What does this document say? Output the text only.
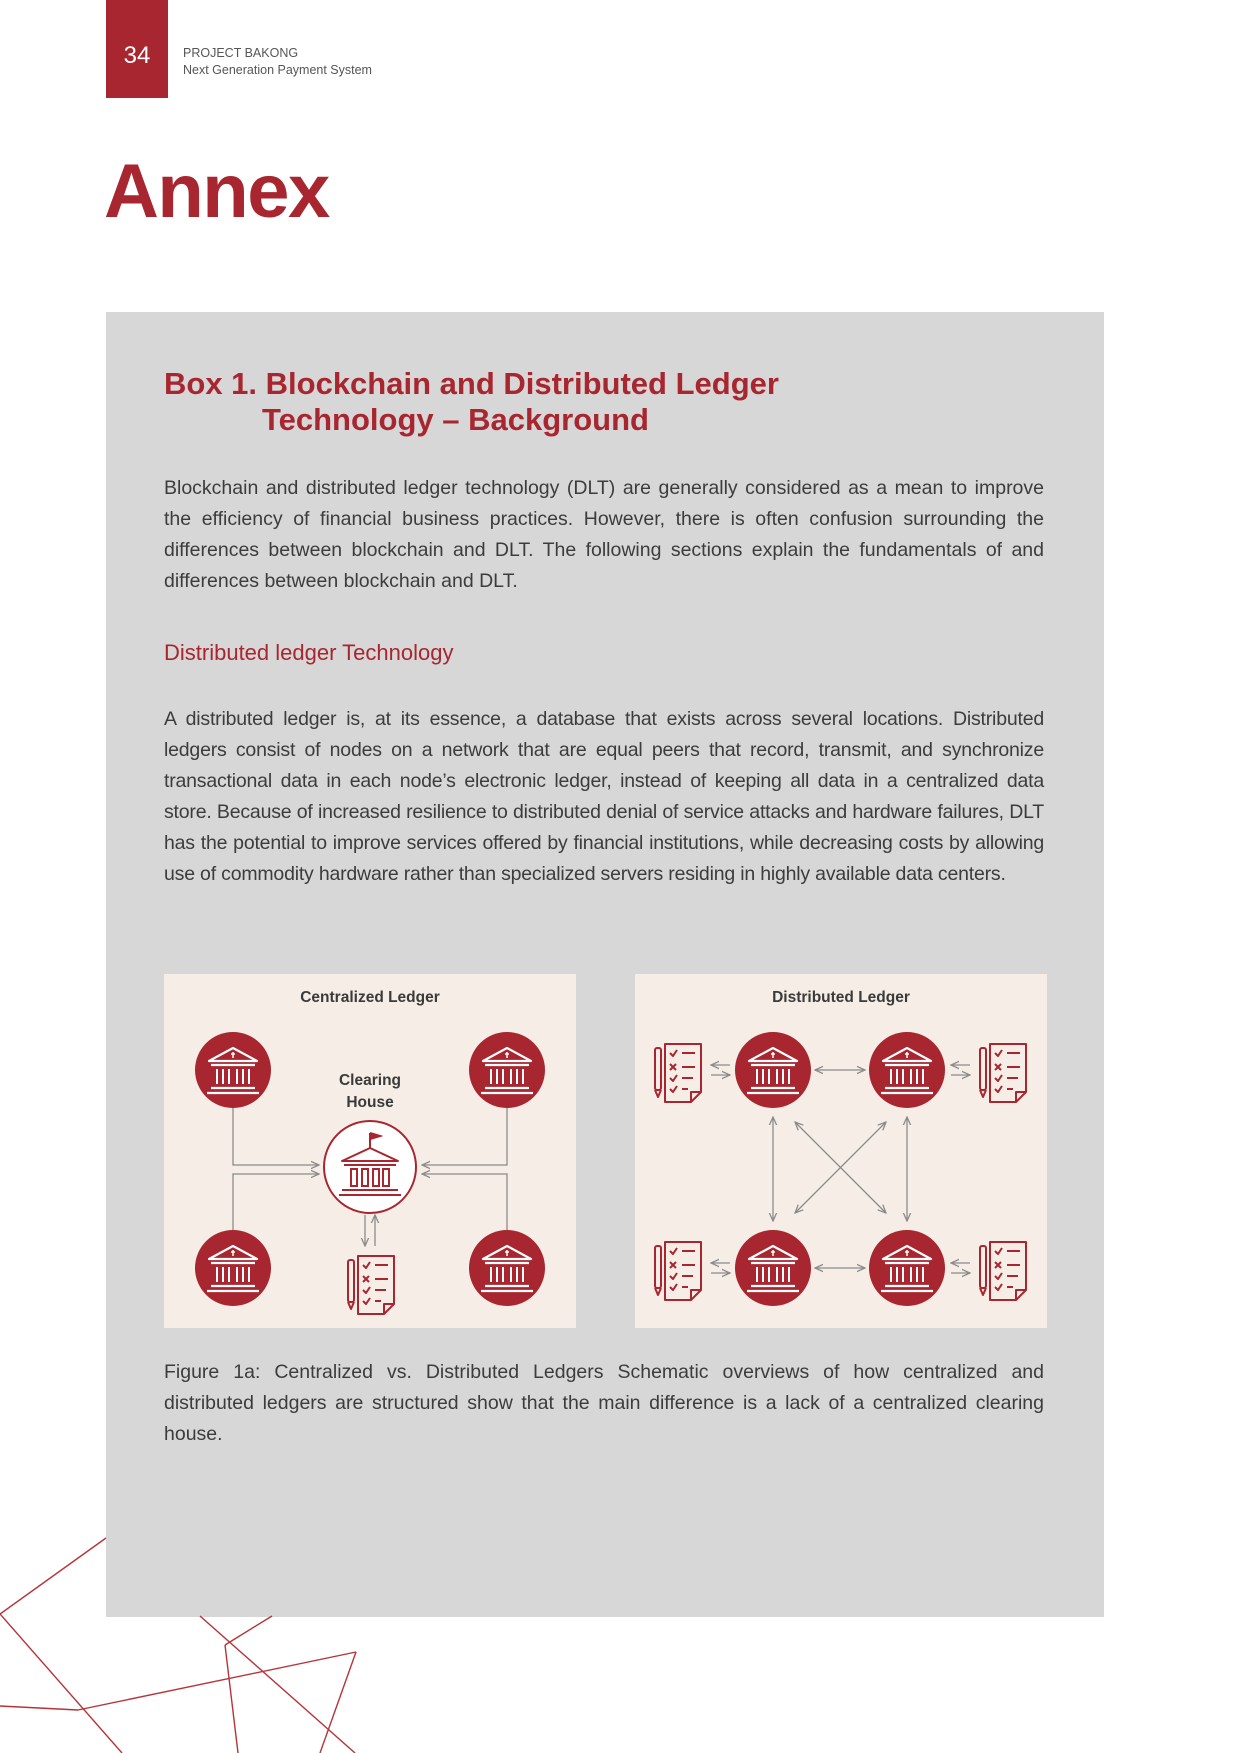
34	PROJECT BAKONG
Next Generation Payment System
Annex
Box 1. Blockchain and Distributed Ledger
Technology – Background

Blockchain and distributed ledger technology (DLT) are generally considered as a mean to improve the efficiency of financial business practices. However, there is often confusion surrounding the differences between blockchain and DLT. The following sections explain the fundamentals of and differences between blockchain and DLT.

Distributed ledger Technology

A distributed ledger is, at its essence, a database that exists across several locations. Distributed ledgers consist of nodes on a network that are equal peers that record, transmit, and synchronize transactional data in each node’s electronic ledger, instead of keeping all data in a centralized data store. Because of increased resilience to distributed denial of service attacks and hardware failures, DLT has the potential to improve services offered by financial institutions, while decreasing costs by allowing use of commodity hardware rather than specialized servers residing in highly available data centers.

Centralized Ledger
Clearing
House
Distributed Ledger

Figure 1a: Centralized vs. Distributed Ledgers Schematic overviews of how centralized and distributed ledgers are structured show that the main difference is a lack of a centralized clearing house.
